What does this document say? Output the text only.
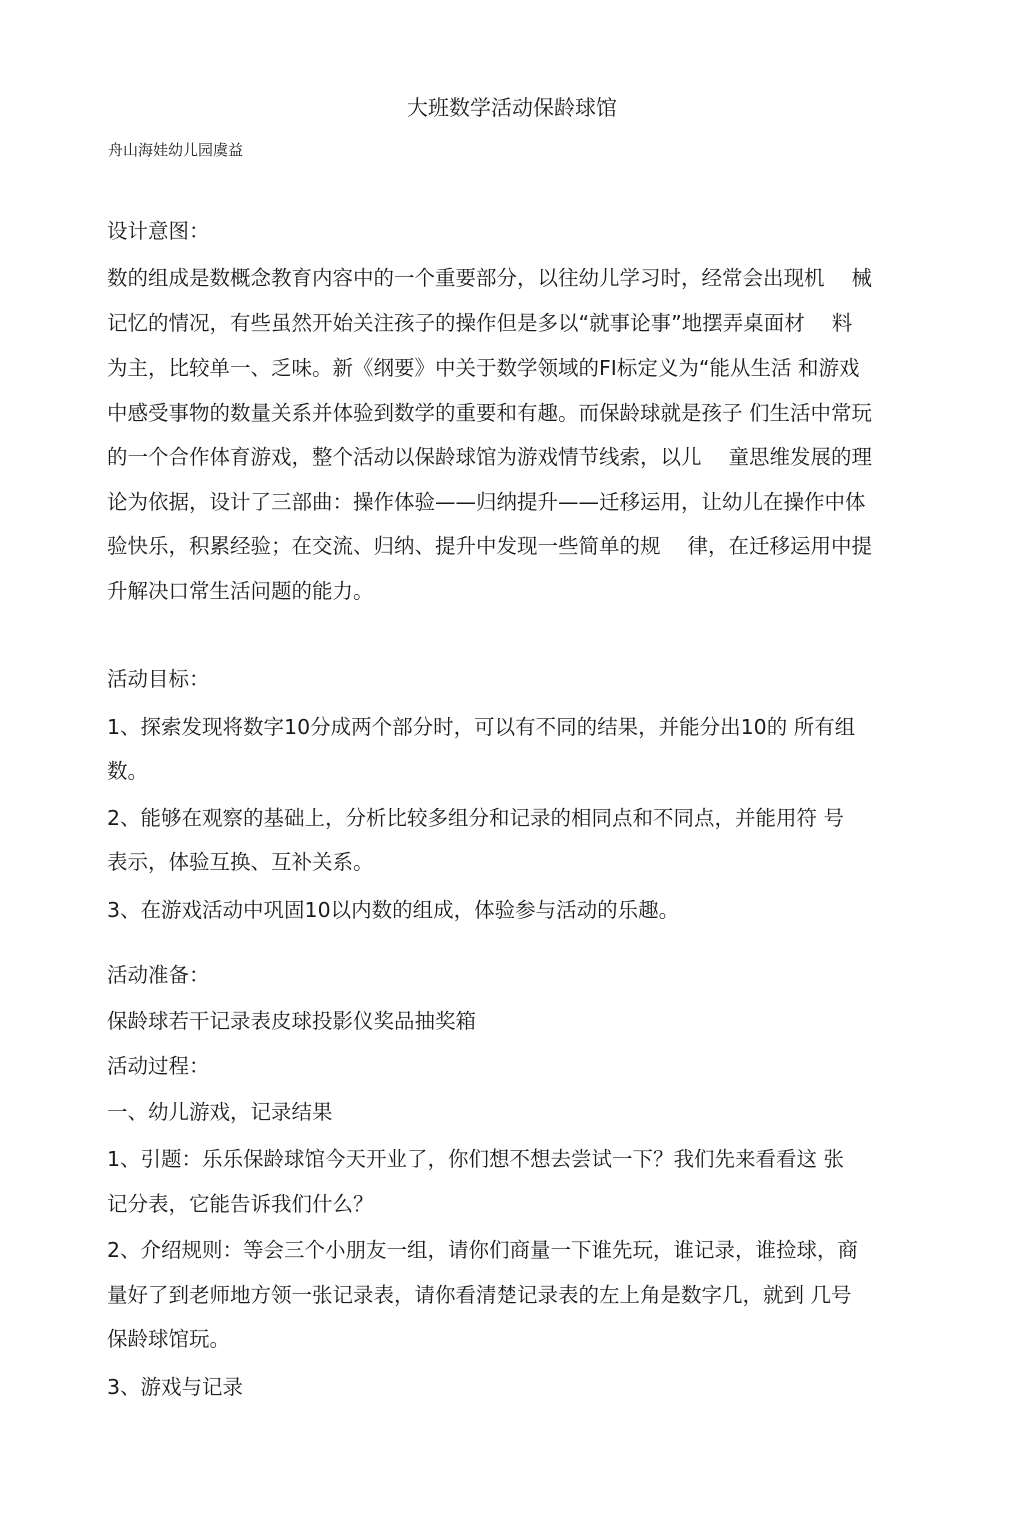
大班数学活动保龄球馆
舟山海娃幼儿园虞益
设计意图：
数的组成是数概念教育内容中的一个重要部分，以往幼儿学习时，经常会出现机　 械
记忆的情况，有些虽然开始关注孩子的操作但是多以“就事论事”地摆弄桌面材　 料
为主，比较单一、乏味。新《纲要》中关于数学领域的FI标定义为“能从生活 和游戏
中感受事物的数量关系并体验到数学的重要和有趣。而保龄球就是孩子 们生活中常玩
的一个合作体育游戏，整个活动以保龄球馆为游戏情节线索，以儿　 童思维发展的理
论为依据，设计了三部曲：操作体验——归纳提升——迁移运用，让幼儿在操作中体
验快乐，积累经验；在交流、归纳、提升中发现一些简单的规　 律，在迁移运用中提
升解决口常生活问题的能力。
活动目标：
1、探索发现将数字10分成两个部分时，可以有不同的结果，并能分出10的 所有组
数。
2、能够在观察的基础上，分析比较多组分和记录的相同点和不同点，并能用符 号
表示，体验互换、互补关系。
3、在游戏活动中巩固10以内数的组成，体验参与活动的乐趣。
活动准备：
保龄球若干记录表皮球投影仪奖品抽奖箱
活动过程：
一、幼儿游戏，记录结果
1、引题：乐乐保龄球馆今天开业了，你们想不想去尝试一下？我们先来看看这 张
记分表，它能告诉我们什么？
2、介绍规则：等会三个小朋友一组，请你们商量一下谁先玩，谁记录，谁捡球，商
量好了到老师地方领一张记录表，请你看清楚记录表的左上角是数字几，就到 几号
保龄球馆玩。
3、游戏与记录
